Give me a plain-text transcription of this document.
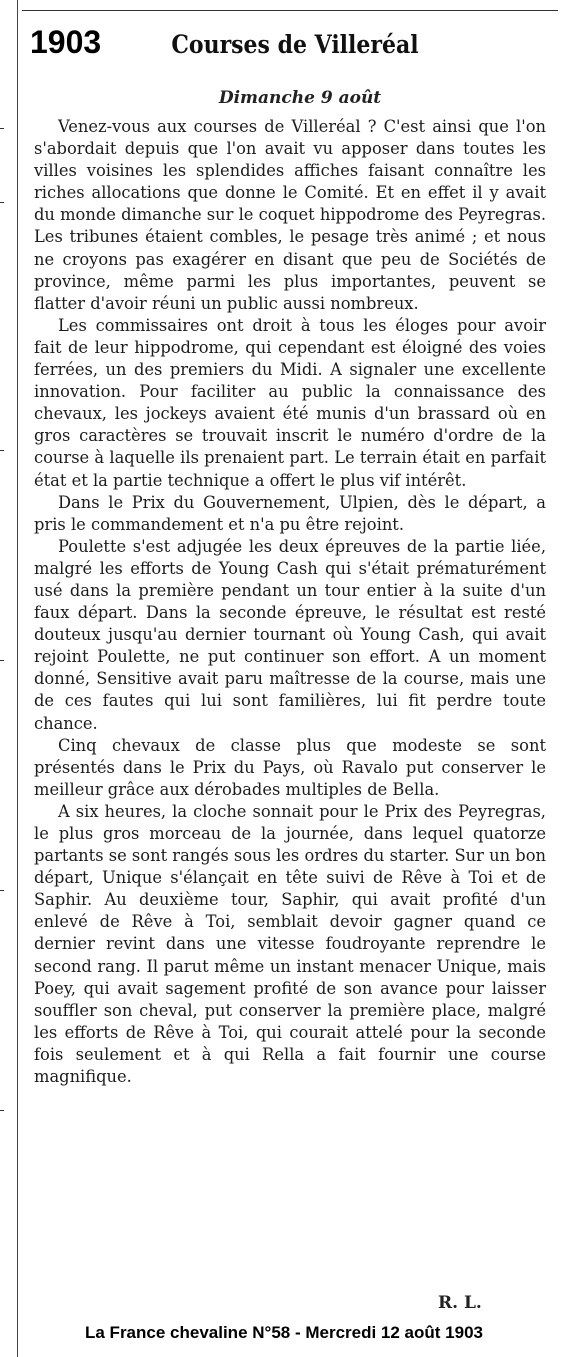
1903	Courses de Villeréal
Dimanche 9 août

Venez-vous aux courses de Villeréal ? C'est ainsi que l'on s'abordait depuis que l'on avait vu apposer dans toutes les villes voisines les splendides affiches faisant connaître les riches allocations que donne le Comité. Et en effet il y avait du monde dimanche sur le coquet hippodrome des Peyregras. Les tribunes étaient combles, le pesage très animé ; et nous ne croyons pas exagérer en disant que peu de Sociétés de province, même parmi les plus importantes, peuvent se flatter d'avoir réuni un public aussi nombreux.

Les commissaires ont droit à tous les éloges pour avoir fait de leur hippodrome, qui cependant est éloigné des voies ferrées, un des premiers du Midi. A signaler une excellente innovation. Pour faciliter au public la connaissance des chevaux, les jockeys avaient été munis d'un brassard où en gros caractères se trouvait inscrit le numéro d'ordre de la course à laquelle ils prenaient part. Le terrain était en parfait état et la partie technique a offert le plus vif intérêt.

Dans le Prix du Gouvernement, Ulpien, dès le départ, a pris le commandement et n'a pu être rejoint.

Poulette s'est adjugée les deux épreuves de la partie liée, malgré les efforts de Young Cash qui s'était prématurément usé dans la première pendant un tour entier à la suite d'un faux départ. Dans la seconde épreuve, le résultat est resté douteux jusqu'au dernier tournant où Young Cash, qui avait rejoint Poulette, ne put continuer son effort. A un moment donné, Sensitive avait paru maîtresse de la course, mais une de ces fautes qui lui sont familières, lui fit perdre toute chance.

Cinq chevaux de classe plus que modeste se sont présentés dans le Prix du Pays, où Ravalo put conserver le meilleur grâce aux dérobades multiples de Bella.

A six heures, la cloche sonnait pour le Prix des Peyregras, le plus gros morceau de la journée, dans lequel quatorze partants se sont rangés sous les ordres du starter. Sur un bon départ, Unique s'élançait en tête suivi de Rêve à Toi et de Saphir. Au deuxième tour, Saphir, qui avait profité d'un enlevé de Rêve à Toi, semblait devoir gagner quand ce dernier revint dans une vitesse foudroyante reprendre le second rang. Il parut même un instant menacer Unique, mais Poey, qui avait sagement profité de son avance pour laisser souffler son cheval, put conserver la première place, malgré les efforts de Rêve à Toi, qui courait attelé pour la seconde fois seulement et à qui Rella a fait fournir une course magnifique.

R. L.
La France chevaline N°58 - Mercredi 12 août 1903
